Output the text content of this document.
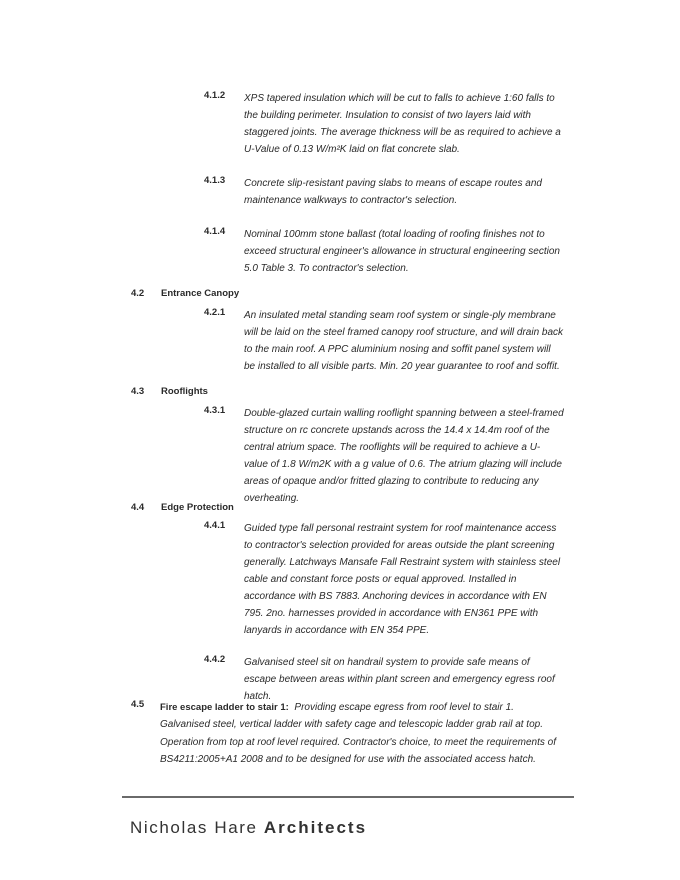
4.1.2 XPS tapered insulation which will be cut to falls to achieve 1:60 falls to the building perimeter. Insulation to consist of two layers laid with staggered joints. The average thickness will be as required to achieve a U-Value of 0.13 W/m²K laid on flat concrete slab.
4.1.3 Concrete slip-resistant paving slabs to means of escape routes and maintenance walkways to contractor's selection.
4.1.4 Nominal 100mm stone ballast (total loading of roofing finishes not to exceed structural engineer's allowance in structural engineering section 5.0 Table 3. To contractor's selection.
4.2 Entrance Canopy
4.2.1 An insulated metal standing seam roof system or single-ply membrane will be laid on the steel framed canopy roof structure, and will drain back to the main roof. A PPC aluminium nosing and soffit panel system will be installed to all visible parts. Min. 20 year guarantee to roof and soffit.
4.3 Rooflights
4.3.1 Double-glazed curtain walling rooflight spanning between a steel-framed structure on rc concrete upstands across the 14.4 x 14.4m roof of the central atrium space. The rooflights will be required to achieve a U-value of 1.8 W/m2K with a g value of 0.6. The atrium glazing will include areas of opaque and/or fritted glazing to contribute to reducing any overheating.
4.4 Edge Protection
4.4.1 Guided type fall personal restraint system for roof maintenance access to contractor's selection provided for areas outside the plant screening generally. Latchways Mansafe Fall Restraint system with stainless steel cable and constant force posts or equal approved. Installed in accordance with BS 7883. Anchoring devices in accordance with EN 795. 2no. harnesses provided in accordance with EN361 PPE with lanyards in accordance with EN 354 PPE.
4.4.2 Galvanised steel sit on handrail system to provide safe means of escape between areas within plant screen and emergency egress roof hatch.
4.5 Fire escape ladder to stair 1: Providing escape egress from roof level to stair 1. Galvanised steel, vertical ladder with safety cage and telescopic ladder grab rail at top. Operation from top at roof level required. Contractor's choice, to meet the requirements of BS4211:2005+A1 2008 and to be designed for use with the associated access hatch.
Nicholas Hare Architects
